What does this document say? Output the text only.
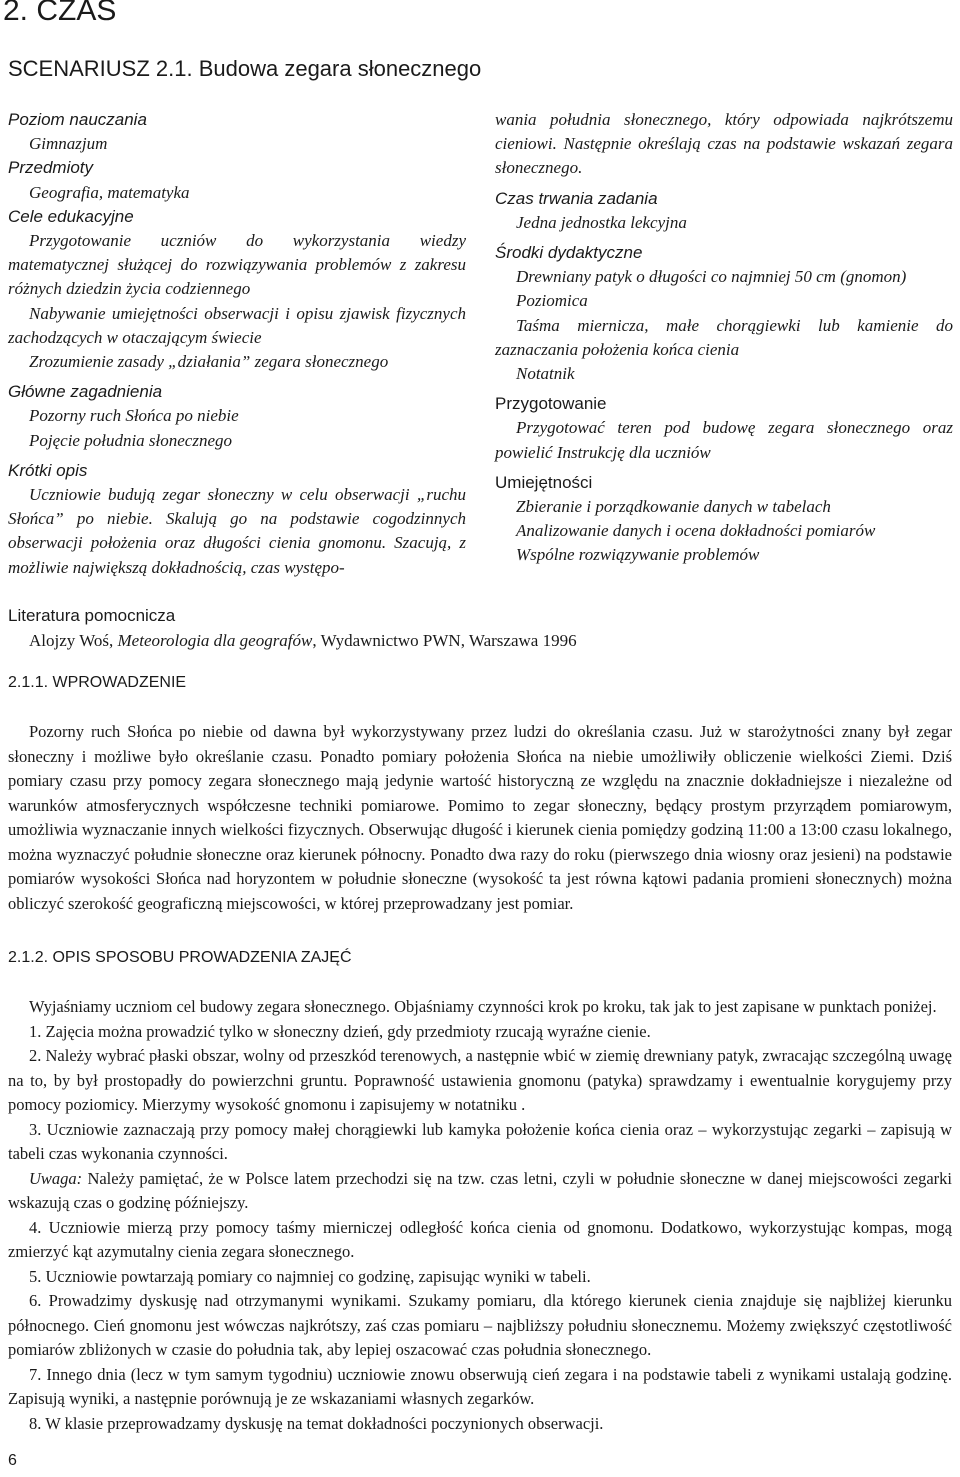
2. CZAS
SCENARIUSZ 2.1. Budowa zegara słonecznego

Poziom nauczania

Gimnazjum

Przedmioty

Geografia, matematyka

Cele edukacyjne

Przygotowanie uczniów do wykorzystania wiedzy matematycznej służącej do rozwiązywania problemów z zakresu różnych dziedzin życia codziennego

Nabywanie umiejętności obserwacji i opisu zjawisk fizycznych zachodzących w otaczającym świecie

Zrozumienie zasady „działania” zegara słonecznego

Główne zagadnienia

Pozorny ruch Słońca po niebie

Pojęcie południa słonecznego

Krótki opis

Uczniowie budują zegar słoneczny w celu obserwacji „ruchu Słońca” po niebie. Skalują go na podstawie cogodzinnych obserwacji położenia oraz długości cienia gnomonu. Szacują, z możliwie największą dokładnością, czas występo-

wania południa słonecznego, który odpowiada najkrótszemu cieniowi. Następnie określają czas na podstawie wskazań zegara słonecznego.

Czas trwania zadania

Jedna jednostka lekcyjna

Środki dydaktyczne

Drewniany patyk o długości co najmniej 50 cm (gnomon)

Poziomica

Taśma miernicza, małe chorągiewki lub kamienie do zaznaczania położenia końca cienia

Notatnik

Przygotowanie

Przygotować teren pod budowę zegara słonecznego oraz powielić Instrukcję dla uczniów

Umiejętności

Zbieranie i porządkowanie danych w tabelach

Analizowanie danych i ocena dokładności pomiarów

Wspólne rozwiązywanie problemów

Literatura pomocnicza
Alojzy Woś, Meteorologia dla geografów, Wydawnictwo PWN, Warszawa 1996
2.1.1. WPROWADZENIE

Pozorny ruch Słońca po niebie od dawna był wykorzystywany przez ludzi do określania czasu. Już w starożytności znany był zegar słoneczny i możliwe było określanie czasu. Ponadto pomiary położenia Słońca na niebie umożliwiły obliczenie wielkości Ziemi. Dziś pomiary czasu przy pomocy zegara słonecznego mają jedynie wartość historyczną ze względu na znacznie dokładniejsze i niezależne od warunków atmosferycznych współczesne techniki pomiarowe. Pomimo to zegar słoneczny, będący prostym przyrządem pomiarowym, umożliwia wyznaczanie innych wielkości fizycznych. Obserwując długość i kierunek cienia pomiędzy godziną 11:00 a 13:00 czasu lokalnego, można wyznaczyć południe słoneczne oraz kierunek północny. Ponadto dwa razy do roku (pierwszego dnia wiosny oraz jesieni) na podstawie pomiarów wysokości Słońca nad horyzontem w południe słoneczne (wysokość ta jest równa kątowi padania promieni słonecznych) można obliczyć szerokość geograficzną miejscowości, w której przeprowadzany jest pomiar.

2.1.2. OPIS SPOSOBU PROWADZENIA ZAJĘĆ

Wyjaśniamy uczniom cel budowy zegara słonecznego. Objaśniamy czynności krok po kroku, tak jak to jest zapisane w punktach poniżej.

1. Zajęcia można prowadzić tylko w słoneczny dzień, gdy przedmioty rzucają wyraźne cienie.

2. Należy wybrać płaski obszar, wolny od przeszkód terenowych, a następnie wbić w ziemię drewniany patyk, zwracając szczególną uwagę na to, by był prostopadły do powierzchni gruntu. Poprawność ustawienia gnomonu (patyka) sprawdzamy i ewentualnie korygujemy przy pomocy poziomicy. Mierzymy wysokość gnomonu i zapisujemy w notatniku .

3. Uczniowie zaznaczają przy pomocy małej chorągiewki lub kamyka położenie końca cienia oraz – wykorzystując zegarki – zapisują w tabeli czas wykonania czynności.

Uwaga: Należy pamiętać, że w Polsce latem przechodzi się na tzw. czas letni, czyli w południe słoneczne w danej miejscowości zegarki wskazują czas o godzinę późniejszy.

4. Uczniowie mierzą przy pomocy taśmy mierniczej odległość końca cienia od gnomonu. Dodatkowo, wykorzystując kompas, mogą zmierzyć kąt azymutalny cienia zegara słonecznego.

5. Uczniowie powtarzają pomiary co najmniej co godzinę, zapisując wyniki w tabeli.

6. Prowadzimy dyskusję nad otrzymanymi wynikami. Szukamy pomiaru, dla którego kierunek cienia znajduje się najbliżej kierunku północnego. Cień gnomonu jest wówczas najkrótszy, zaś czas pomiaru – najbliższy południu słonecznemu. Możemy zwiększyć częstotliwość pomiarów zbliżonych w czasie do południa tak, aby lepiej oszacować czas południa słonecznego.

7. Innego dnia (lecz w tym samym tygodniu) uczniowie znowu obserwują cień zegara i na podstawie tabeli z wynikami ustalają godzinę. Zapisują wyniki, a następnie porównują je ze wskazaniami własnych zegarków.

8. W klasie przeprowadzamy dyskusję na temat dokładności poczynionych obserwacji.

6
